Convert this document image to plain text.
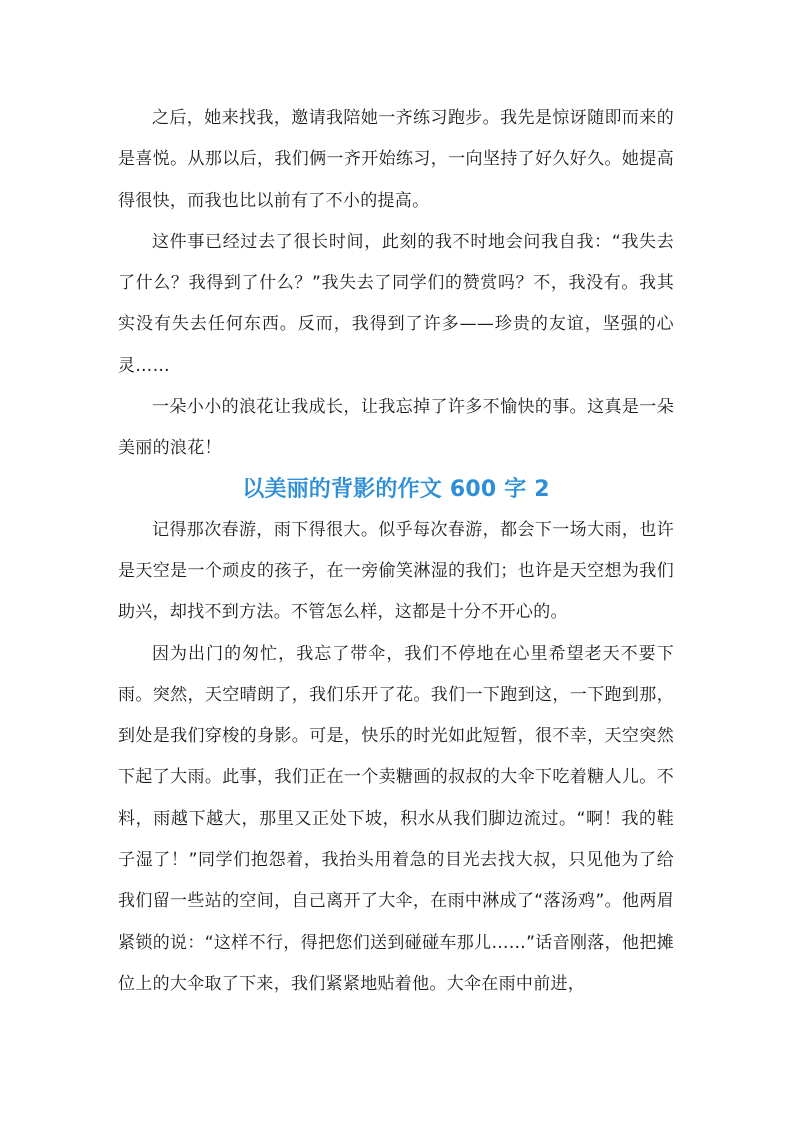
之后，她来找我，邀请我陪她一齐练习跑步。我先是惊讶随即而来的是喜悦。从那以后，我们俩一齐开始练习，一向坚持了好久好久。她提高得很快，而我也比以前有了不小的提高。

这件事已经过去了很长时间，此刻的我不时地会问我自我：“我失去了什么？我得到了什么？”我失去了同学们的赞赏吗？不，我没有。我其实没有失去任何东西。反而，我得到了许多——珍贵的友谊，坚强的心灵……

一朵小小的浪花让我成长，让我忘掉了许多不愉快的事。这真是一朵美丽的浪花！

以美丽的背影的作文 600 字 2

记得那次春游，雨下得很大。似乎每次春游，都会下一场大雨，也许是天空是一个顽皮的孩子，在一旁偷笑淋湿的我们；也许是天空想为我们助兴，却找不到方法。不管怎么样，这都是十分不开心的。

因为出门的匆忙，我忘了带伞，我们不停地在心里希望老天不要下雨。突然，天空晴朗了，我们乐开了花。我们一下跑到这，一下跑到那，到处是我们穿梭的身影。可是，快乐的时光如此短暂，很不幸，天空突然下起了大雨。此事，我们正在一个卖糖画的叔叔的大伞下吃着糖人儿。不料，雨越下越大，那里又正处下坡，积水从我们脚边流过。“啊！我的鞋子湿了！”同学们抱怨着，我抬头用着急的目光去找大叔，只见他为了给我们留一些站的空间，自己离开了大伞，在雨中淋成了“落汤鸡”。他两眉紧锁的说：“这样不行，得把您们送到碰碰车那儿……”话音刚落，他把摊位上的大伞取了下来，我们紧紧地贴着他。大伞在雨中前进，
